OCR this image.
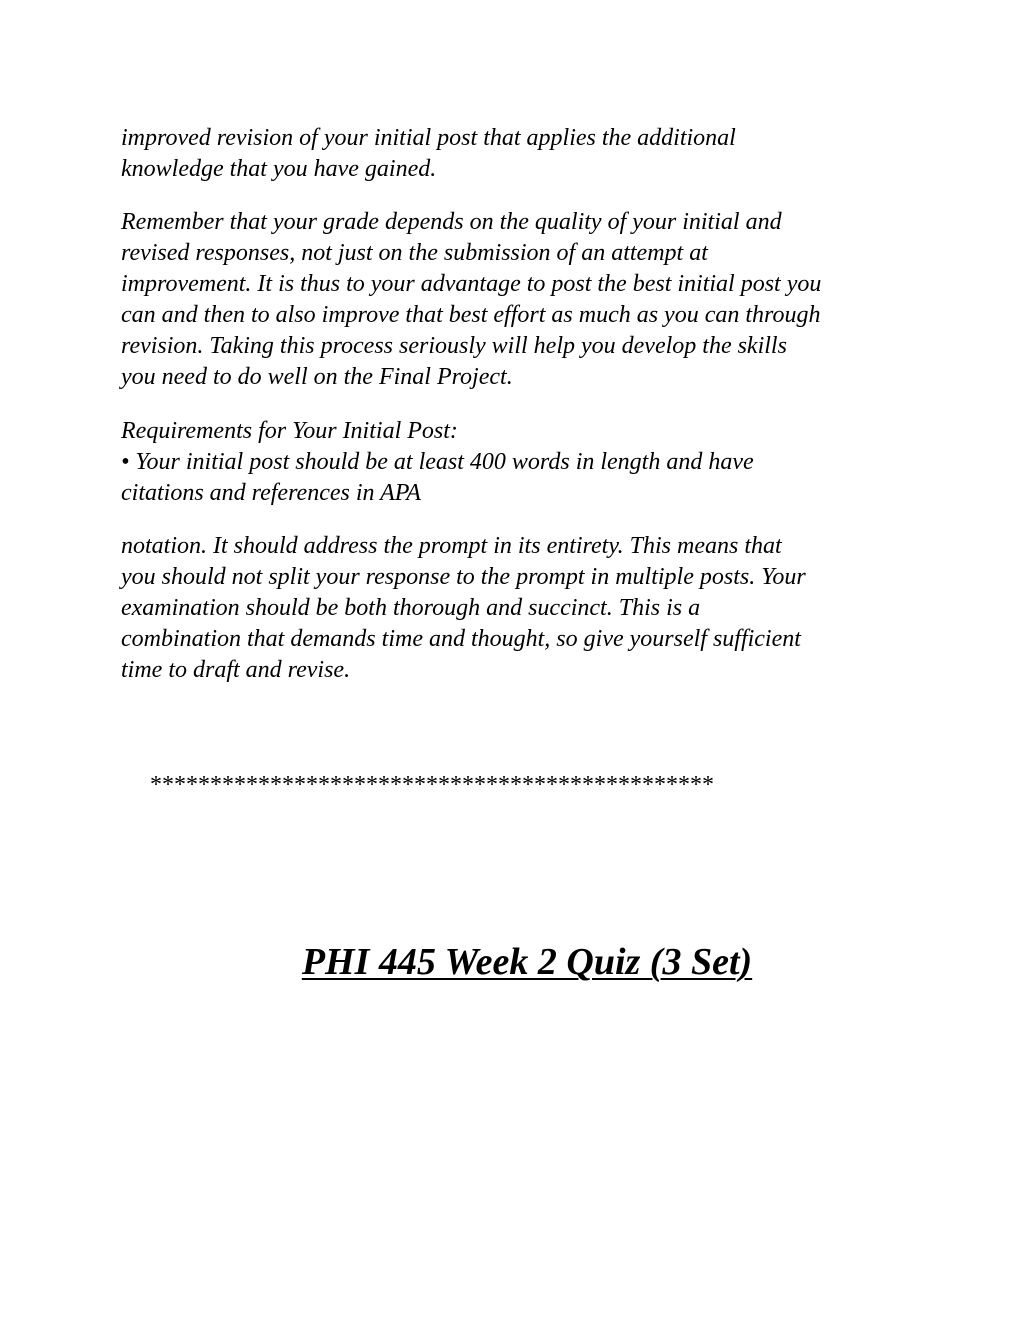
improved revision of your initial post that applies the additional
knowledge that you have gained.

Remember that your grade depends on the quality of your initial and
revised responses, not just on the submission of an attempt at
improvement. It is thus to your advantage to post the best initial post you
can and then to also improve that best effort as much as you can through
revision. Taking this process seriously will help you develop the skills
you need to do well on the Final Project.

Requirements for Your Initial Post:
• Your initial post should be at least 400 words in length and have
citations and references in APA

notation. It should address the prompt in its entirety. This means that
you should not split your response to the prompt in multiple posts. Your
examination should be both thorough and succinct. This is a
combination that demands time and thought, so give yourself sufficient
time to draft and revise.

***********************************************

PHI 445 Week 2 Quiz (3 Set)
